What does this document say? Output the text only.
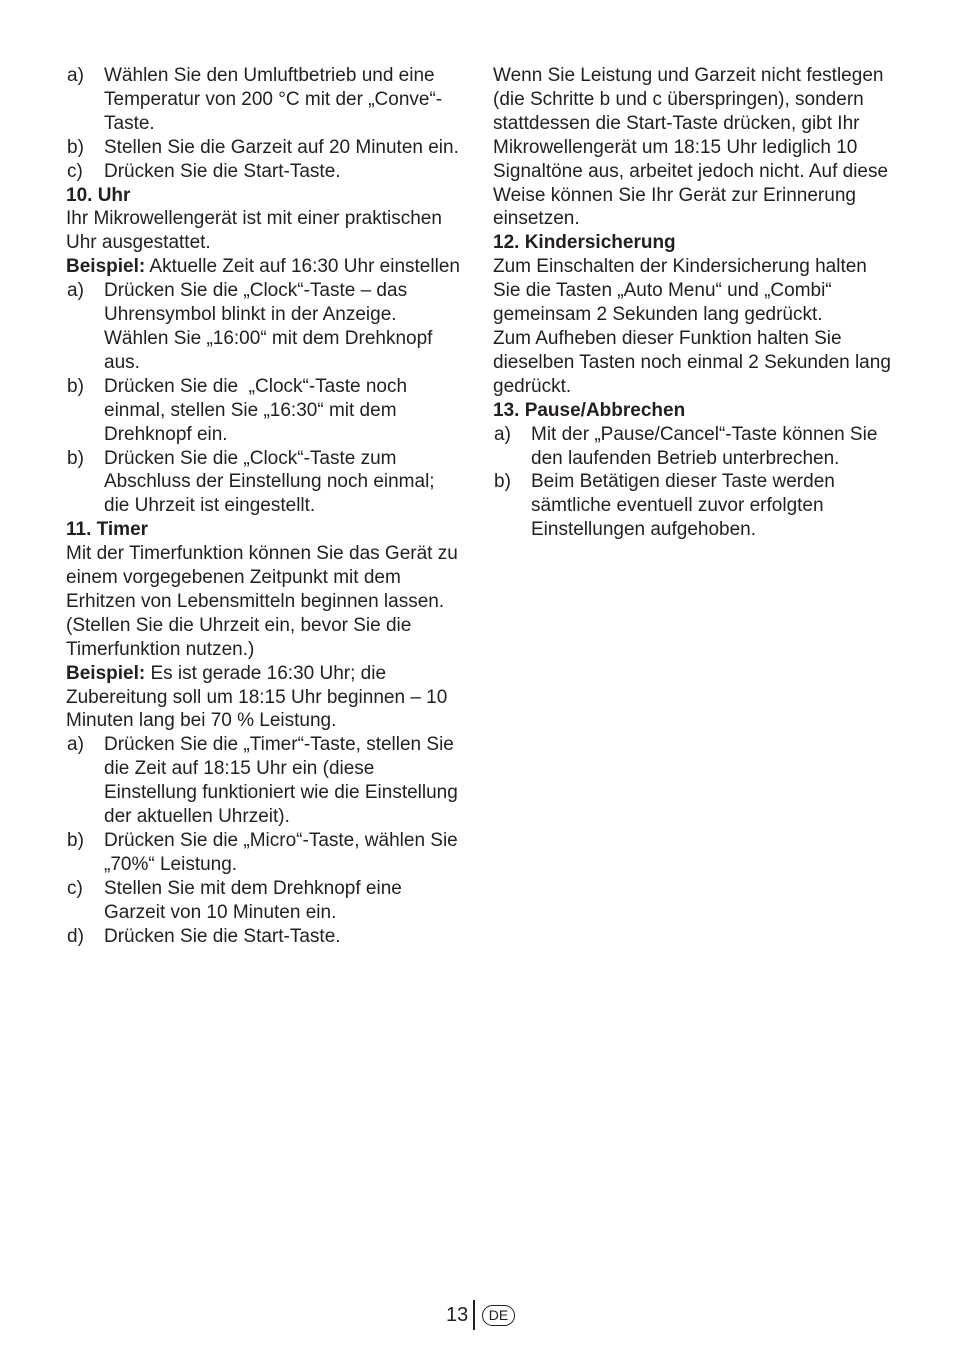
a)	Wählen Sie den Umluftbetrieb und eine Temperatur von 200 °C mit der „Conve“-Taste.
b)	Stellen Sie die Garzeit auf 20 Minuten ein.
c)	Drücken Sie die Start-Taste.

10. Uhr

Ihr Mikrowellengerät ist mit einer praktischen Uhr ausgestattet.

Beispiel: Aktuelle Zeit auf 16:30 Uhr einstellen

a)	Drücken Sie die „Clock“-Taste – das Uhrensymbol blinkt in der Anzeige. Wählen Sie „16:00“ mit dem Drehknopf aus.
b)	Drücken Sie die  „Clock“-Taste noch einmal, stellen Sie „16:30“ mit dem Drehknopf ein.
b)	Drücken Sie die „Clock“-Taste zum Abschluss der Einstellung noch einmal; die Uhrzeit ist eingestellt.

11. Timer

Mit der Timerfunktion können Sie das Gerät zu einem vorgegebenen Zeitpunkt mit dem Erhitzen von Lebensmitteln beginnen lassen. (Stellen Sie die Uhrzeit ein, bevor Sie die Timerfunktion nutzen.)

Beispiel: Es ist gerade 16:30 Uhr; die Zubereitung soll um 18:15 Uhr beginnen – 10 Minuten lang bei 70 % Leistung.

a)	Drücken Sie die „Timer“-Taste, stellen Sie die Zeit auf 18:15 Uhr ein (diese Einstellung funktioniert wie die Einstellung der aktuellen Uhrzeit).
b)	Drücken Sie die „Micro“-Taste, wählen Sie „70%“ Leistung.
c)	Stellen Sie mit dem Drehknopf eine Garzeit von 10 Minuten ein.
d)	Drücken Sie die Start-Taste.

Wenn Sie Leistung und Garzeit nicht festlegen (die Schritte b und c überspringen), sondern stattdessen die Start-Taste drücken, gibt Ihr Mikrowellengerät um 18:15 Uhr lediglich 10 Signaltöne aus, arbeitet jedoch nicht. Auf diese Weise können Sie Ihr Gerät zur Erinnerung einsetzen.

12. Kindersicherung

Zum Einschalten der Kindersicherung halten Sie die Tasten „Auto Menu“ und „Combi“ gemeinsam 2 Sekunden lang gedrückt.

Zum Aufheben dieser Funktion halten Sie dieselben Tasten noch einmal 2 Sekunden lang gedrückt.

13. Pause/Abbrechen

a)	Mit der „Pause/Cancel“-Taste können Sie den laufenden Betrieb unterbrechen.
b)	Beim Betätigen dieser Taste werden sämtliche eventuell zuvor erfolgten Einstellungen aufgehoben.
13	DE
